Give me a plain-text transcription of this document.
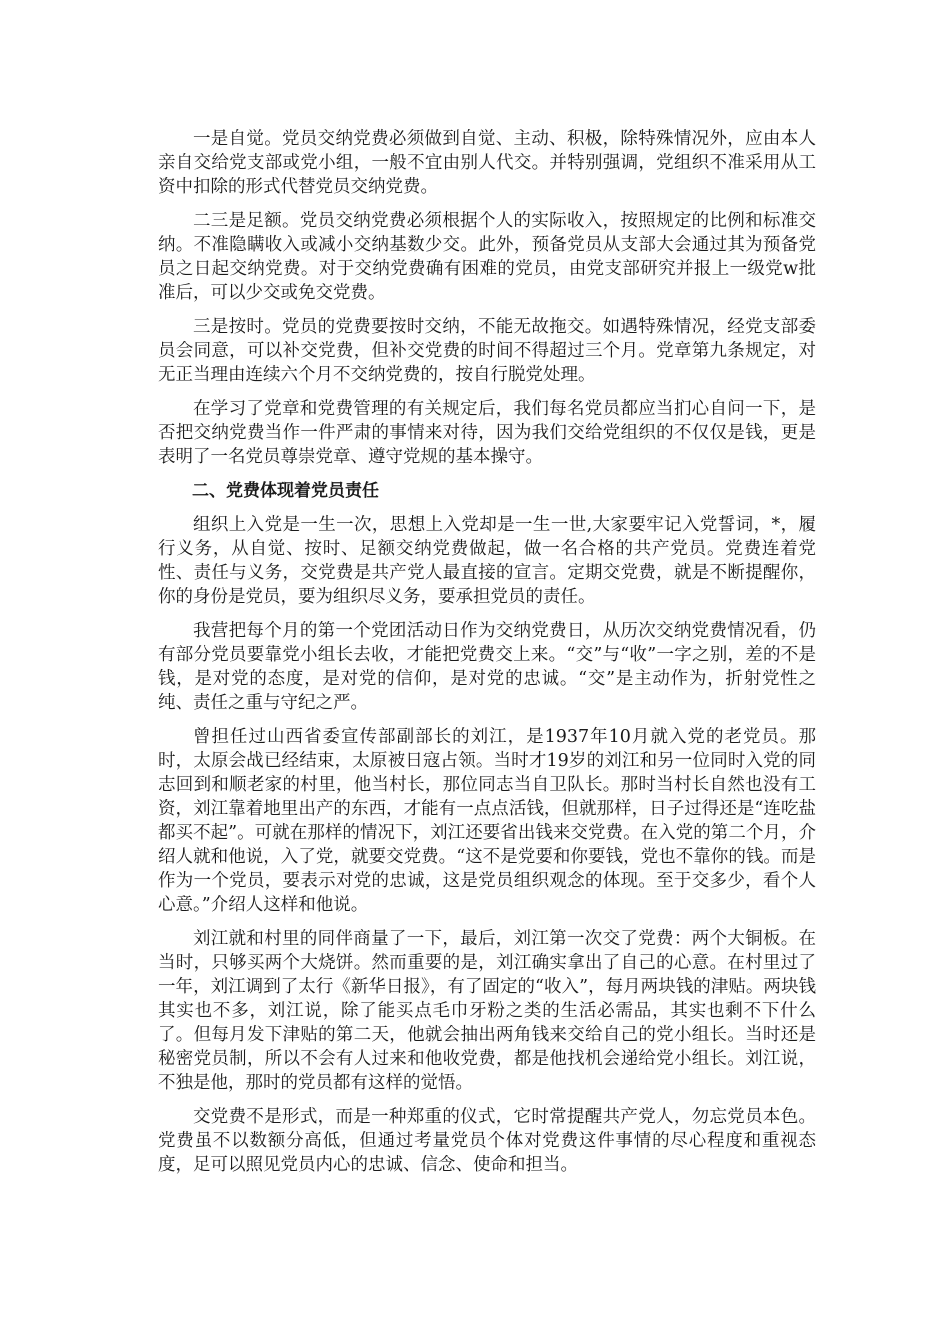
一是自觉。党员交纳党费必须做到自觉、主动、积极，除特殊情况外，应由本人亲自交给党支部或党小组，一般不宜由别人代交。并特别强调，党组织不准采用从工资中扣除的形式代替党员交纳党费。

二三是足额。党员交纳党费必须根据个人的实际收入，按照规定的比例和标准交纳。不准隐瞒收入或减小交纳基数少交。此外，预备党员从支部大会通过其为预备党员之日起交纳党费。对于交纳党费确有困难的党员，由党支部研究并报上一级党w批准后，可以少交或免交党费。

三是按时。党员的党费要按时交纳，不能无故拖交。如遇特殊情况，经党支部委员会同意，可以补交党费，但补交党费的时间不得超过三个月。党章第九条规定，对无正当理由连续六个月不交纳党费的，按自行脱党处理。

在学习了党章和党费管理的有关规定后，我们每名党员都应当扪心自问一下，是否把交纳党费当作一件严肃的事情来对待，因为我们交给党组织的不仅仅是钱，更是表明了一名党员尊崇党章、遵守党规的基本操守。

二、党费体现着党员责任

组织上入党是一生一次，思想上入党却是一生一世,大家要牢记入党誓词，*，履行义务，从自觉、按时、足额交纳党费做起，做一名合格的共产党员。党费连着党性、责任与义务，交党费是共产党人最直接的宣言。定期交党费，就是不断提醒你，你的身份是党员，要为组织尽义务，要承担党员的责任。

我营把每个月的第一个党团活动日作为交纳党费日，从历次交纳党费情况看，仍有部分党员要靠党小组长去收，才能把党费交上来。“交”与“收”一字之别，差的不是钱，是对党的态度，是对党的信仰，是对党的忠诚。“交”是主动作为，折射党性之纯、责任之重与守纪之严。

曾担任过山西省委宣传部副部长的刘江，是1937年10月就入党的老党员。那时，太原会战已经结束，太原被日寇占领。当时才19岁的刘江和另一位同时入党的同志回到和顺老家的村里，他当村长，那位同志当自卫队长。那时当村长自然也没有工资，刘江靠着地里出产的东西，才能有一点点活钱，但就那样，日子过得还是“连吃盐都买不起”。可就在那样的情况下，刘江还要省出钱来交党费。在入党的第二个月，介绍人就和他说，入了党，就要交党费。“这不是党要和你要钱，党也不靠你的钱。而是作为一个党员，要表示对党的忠诚，这是党员组织观念的体现。至于交多少，看个人心意。”介绍人这样和他说。

刘江就和村里的同伴商量了一下，最后，刘江第一次交了党费：两个大铜板。在当时，只够买两个大烧饼。然而重要的是，刘江确实拿出了自己的心意。在村里过了一年，刘江调到了太行《新华日报》，有了固定的“收入”，每月两块钱的津贴。两块钱其实也不多，刘江说，除了能买点毛巾牙粉之类的生活必需品，其实也剩不下什么了。但每月发下津贴的第二天，他就会抽出两角钱来交给自己的党小组长。当时还是秘密党员制，所以不会有人过来和他收党费，都是他找机会递给党小组长。刘江说，不独是他，那时的党员都有这样的觉悟。

交党费不是形式，而是一种郑重的仪式，它时常提醒共产党人，勿忘党员本色。党费虽不以数额分高低，但通过考量党员个体对党费这件事情的尽心程度和重视态度，足可以照见党员内心的忠诚、信念、使命和担当。
